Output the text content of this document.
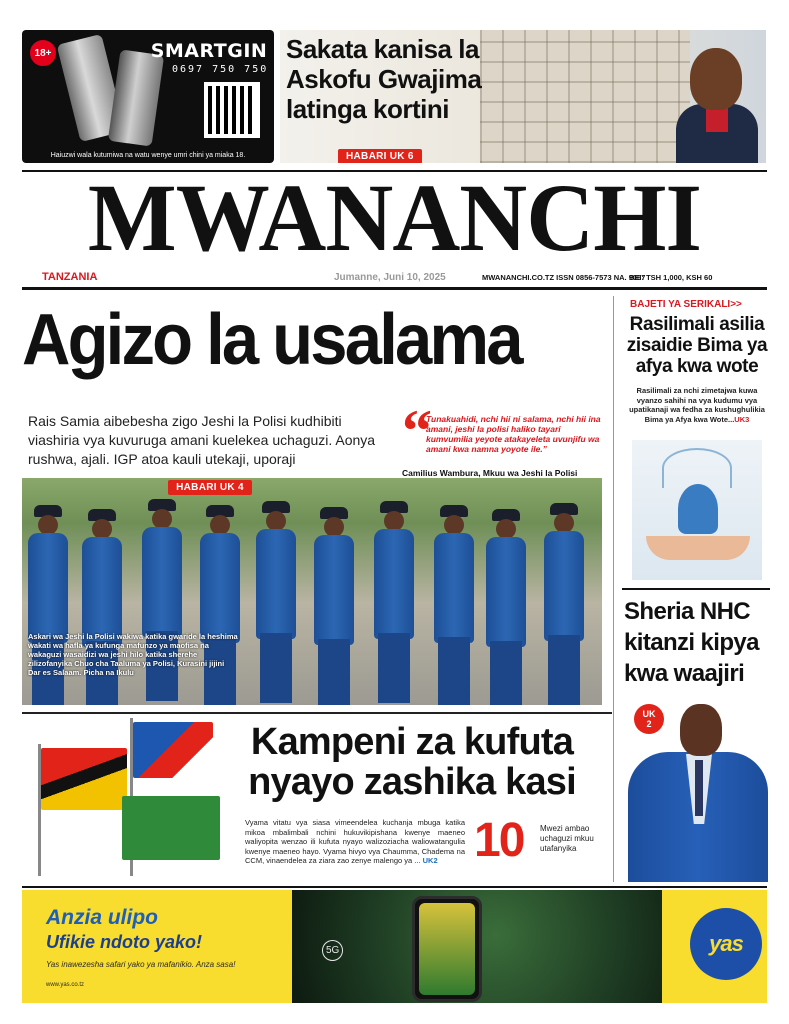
18+	SMARTGIN
0697 750 750
Haiuzwi wala kutumiwa na watu wenye umri chini ya miaka 18.
Sakata kanisa la Askofu Gwajima latinga kortini
HABARI UK 6
MWANANCHI
TANZANIA	Jumanne, Juni 10, 2025	MWANANCHI.CO.TZ ISSN 0856-7573 NA. 9067
BEI: TSH 1,000, KSH 60
Agizo la usalama
Rais Samia aibebesha zigo Jeshi la Polisi kudhibiti viashiria vya kuvuruga amani kuelekea uchaguzi. Aonya rushwa, ajali. IGP atoa kauli utekaji, uporaji	“
Tunakuahidi, nchi hii ni salama, nchi hii ina amani, jeshi la polisi haliko tayari kumvumilia yeyote atakayeleta uvunjifu wa amani kwa namna yoyote ile.”
Camilius Wambura, Mkuu wa Jeshi la Polisi
HABARI UK 4
Askari wa Jeshi la Polisi wakiwa katika gwaride la heshima wakati wa hafla ya kufunga mafunzo ya maofisa na wakaguzi wasaidizi wa jeshi hilo katika sherehe zilizofanyika Chuo cha Taaluma ya Polisi, Kurasini jijini Dar es Salaam. Picha na Ikulu
Kampeni za kufuta nyayo zashika kasi
Vyama vitatu vya siasa vimeendelea kuchanja mbuga katika mikoa mbalimbali nchini hukuvikipishana kwenye maeneo waliyopita wenzao ili kufuta nyayo walizoziacha waliowatangulia kwenye maeneo hayo. Vyama hivyo vya Chaumma, Chadema na CCM, vinaendelea za ziara zao zenye malengo ya ... UK2 10 Mwezi ambao uchaguzi mkuu utafanyika
BAJETI YA SERIKALI>>
Rasilimali asilia zisaidie Bima ya afya kwa wote
Rasilimali za nchi zimetajwa kuwa vyanzo sahihi na vya kudumu vya upatikanaji wa fedha za kushughulikia Bima ya Afya kwa Wote...UK3
Sheria NHC kitanzi kipya kwa waajiri
UK
2
5G
Anzia ulipo
Ufikie ndoto yako!
Yas inawezesha safari yako ya mafanikio. Anza sasa!
www.yas.co.tz
yas
